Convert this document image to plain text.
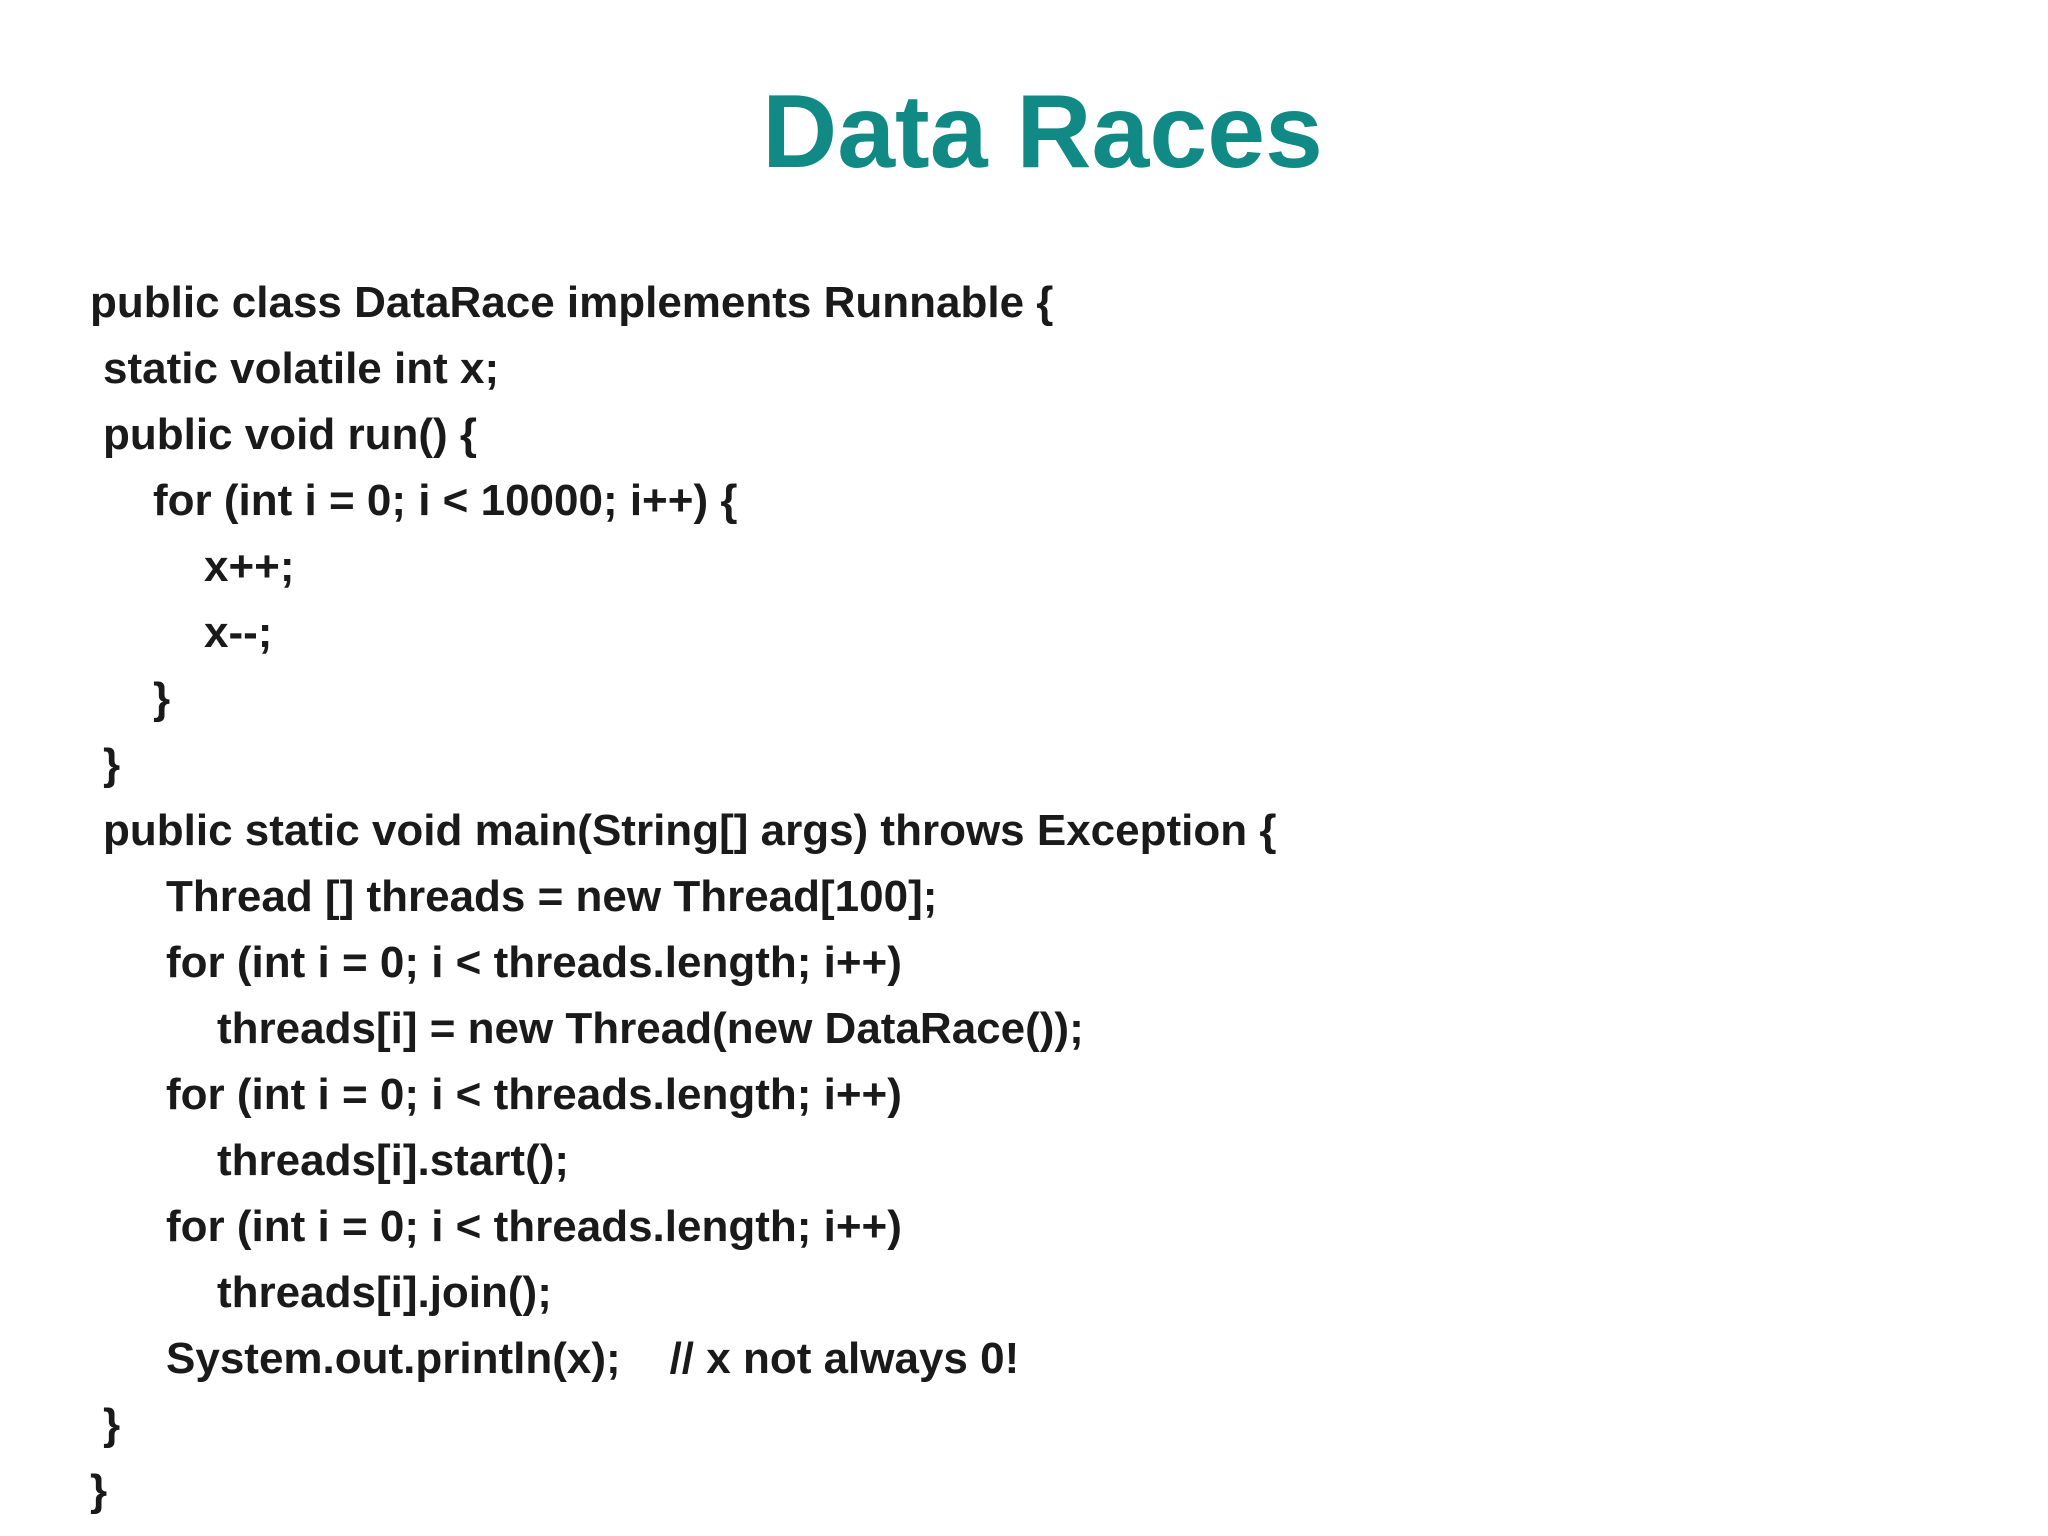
Data Races
public class DataRace implements Runnable {
static volatile int x;
public void run() {
for (int i = 0; i < 10000; i++) {
x++;
x--;
}
}
public static void main(String[] args) throws Exception {
Thread [] threads = new Thread[100];
for (int i = 0; i < threads.length; i++)
threads[i] = new Thread(new DataRace());
for (int i = 0; i < threads.length; i++)
threads[i].start();
for (int i = 0; i < threads.length; i++)
threads[i].join();
System.out.println(x);    // x not always 0!
}
}
